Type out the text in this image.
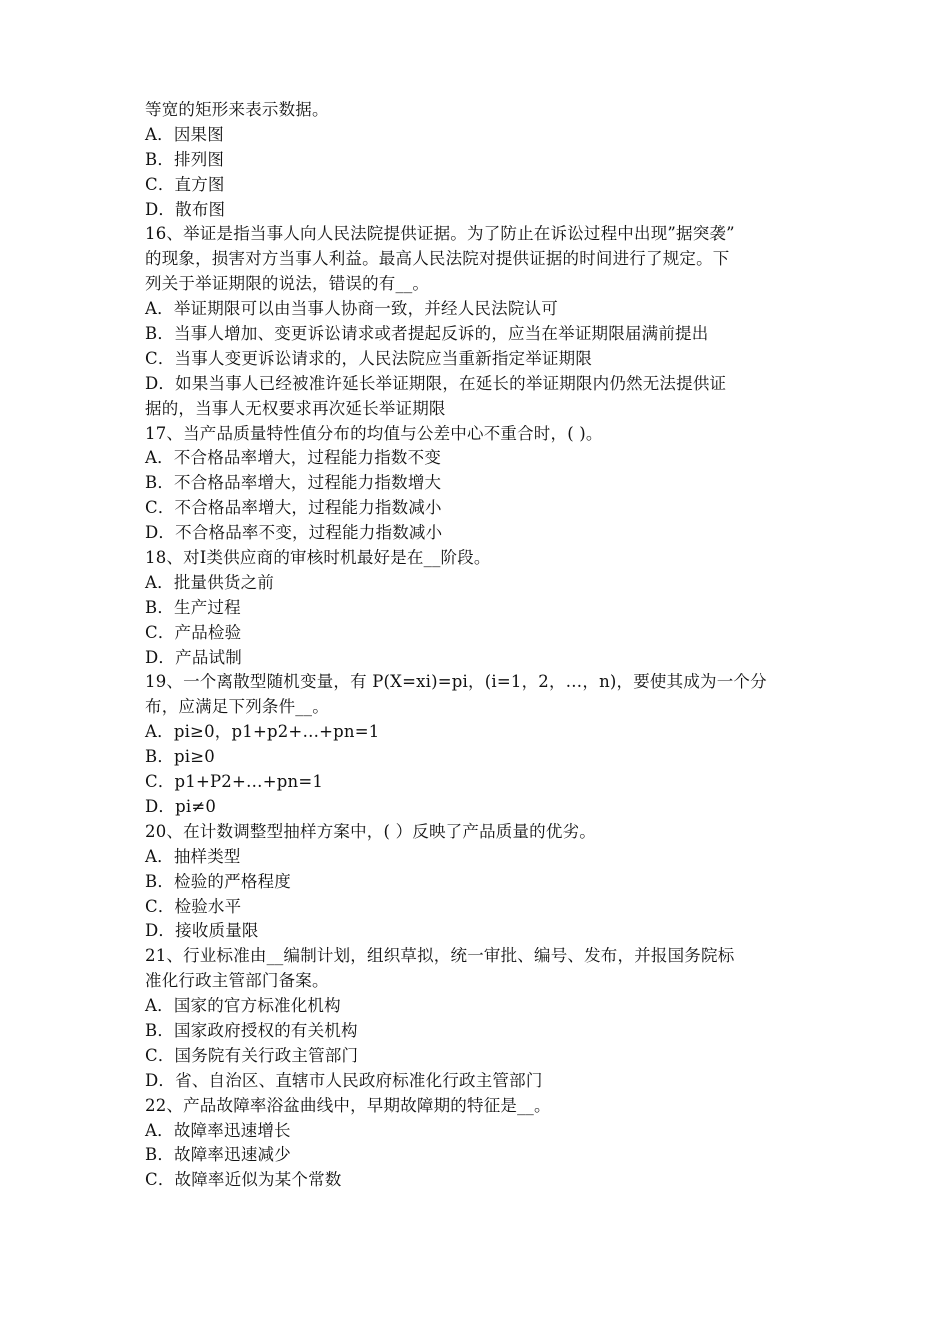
等宽的矩形来表示数据。
A．因果图
B．排列图
C．直方图
D．散布图
16、举证是指当事人向人民法院提供证据。为了防止在诉讼过程中出现”据突袭”
的现象，损害对方当事人利益。最高人民法院对提供证据的时间进行了规定。下
列关于举证期限的说法，错误的有__。
A．举证期限可以由当事人协商一致，并经人民法院认可
B．当事人增加、变更诉讼请求或者提起反诉的，应当在举证期限届满前提出
C．当事人变更诉讼请求的，人民法院应当重新指定举证期限
D．如果当事人已经被准许延长举证期限，在延长的举证期限内仍然无法提供证
据的，当事人无权要求再次延长举证期限
17、当产品质量特性值分布的均值与公差中心不重合时，( )。
A．不合格品率增大，过程能力指数不变
B．不合格品率增大，过程能力指数增大
C．不合格品率增大，过程能力指数减小
D．不合格品率不变，过程能力指数减小
18、对Ⅰ类供应商的审核时机最好是在__阶段。
A．批量供货之前
B．生产过程
C．产品检验
D．产品试制
19、一个离散型随机变量，有 P(X=xi)=pi，(i=1，2，…，n)，要使其成为一个分
布，应满足下列条件__。
A．pi≥0，p1+p2+…+pn=1
B．pi≥0
C．p1+P2+…+pn=1
D．pi≠0
20、在计数调整型抽样方案中，( ）反映了产品质量的优劣。
A．抽样类型
B．检验的严格程度
C．检验水平
D．接收质量限
21、行业标准由__编制计划，组织草拟，统一审批、编号、发布，并报国务院标
准化行政主管部门备案。
A．国家的官方标准化机构
B．国家政府授权的有关机构
C．国务院有关行政主管部门
D．省、自治区、直辖市人民政府标准化行政主管部门
22、产品故障率浴盆曲线中，早期故障期的特征是__。
A．故障率迅速增长
B．故障率迅速减少
C．故障率近似为某个常数
